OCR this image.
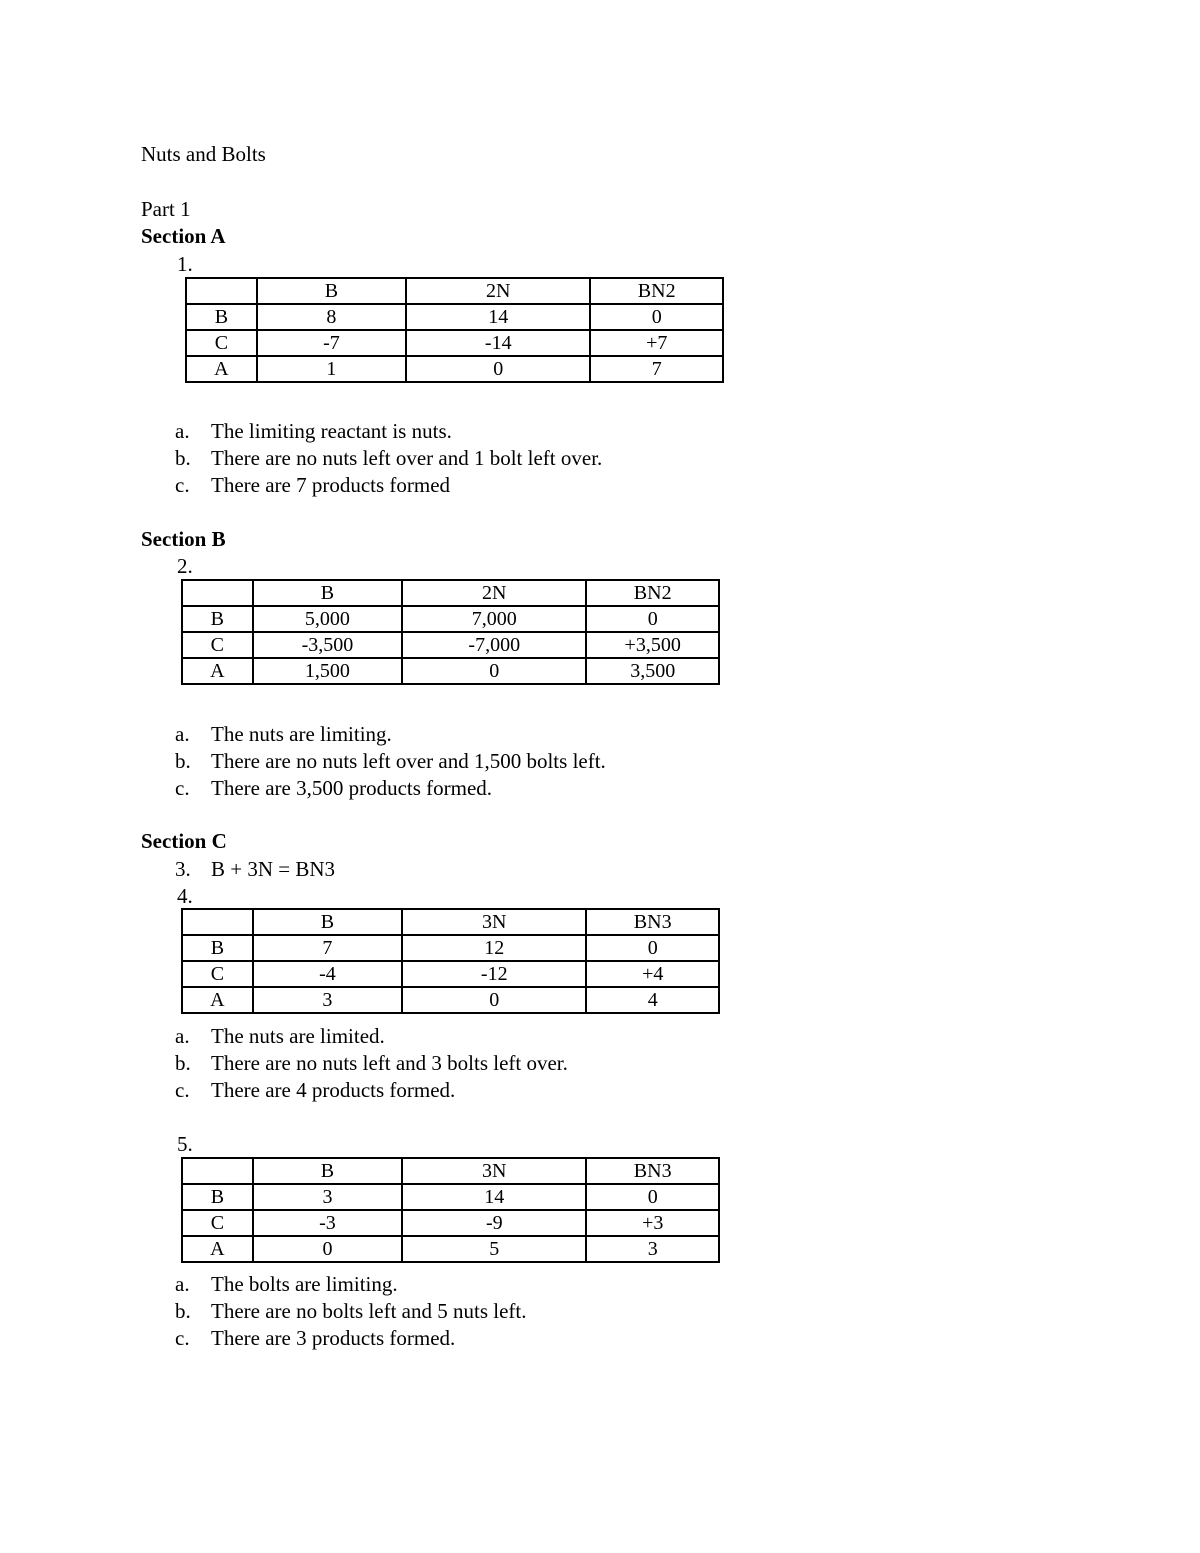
Nuts and Bolts
Part 1
Section A
1.
	B	2N	BN2
B	8	14	0
C	-7	-14	+7
A	1	0	7
a. The limiting reactant is nuts.
b. There are no nuts left over and 1 bolt left over.
c. There are 7 products formed
Section B
2.
	B	2N	BN2
B	5,000	7,000	0
C	-3,500	-7,000	+3,500
A	1,500	0	3,500
a. The nuts are limiting.
b. There are no nuts left over and 1,500 bolts left.
c. There are 3,500 products formed.
Section C
3. B + 3N = BN3
4.
	B	3N	BN3
B	7	12	0
C	-4	-12	+4
A	3	0	4
a. The nuts are limited.
b. There are no nuts left and 3 bolts left over.
c. There are 4 products formed.
5.
	B	3N	BN3
B	3	14	0
C	-3	-9	+3
A	0	5	3
a. The bolts are limiting.
b. There are no bolts left and 5 nuts left.
c. There are 3 products formed.
